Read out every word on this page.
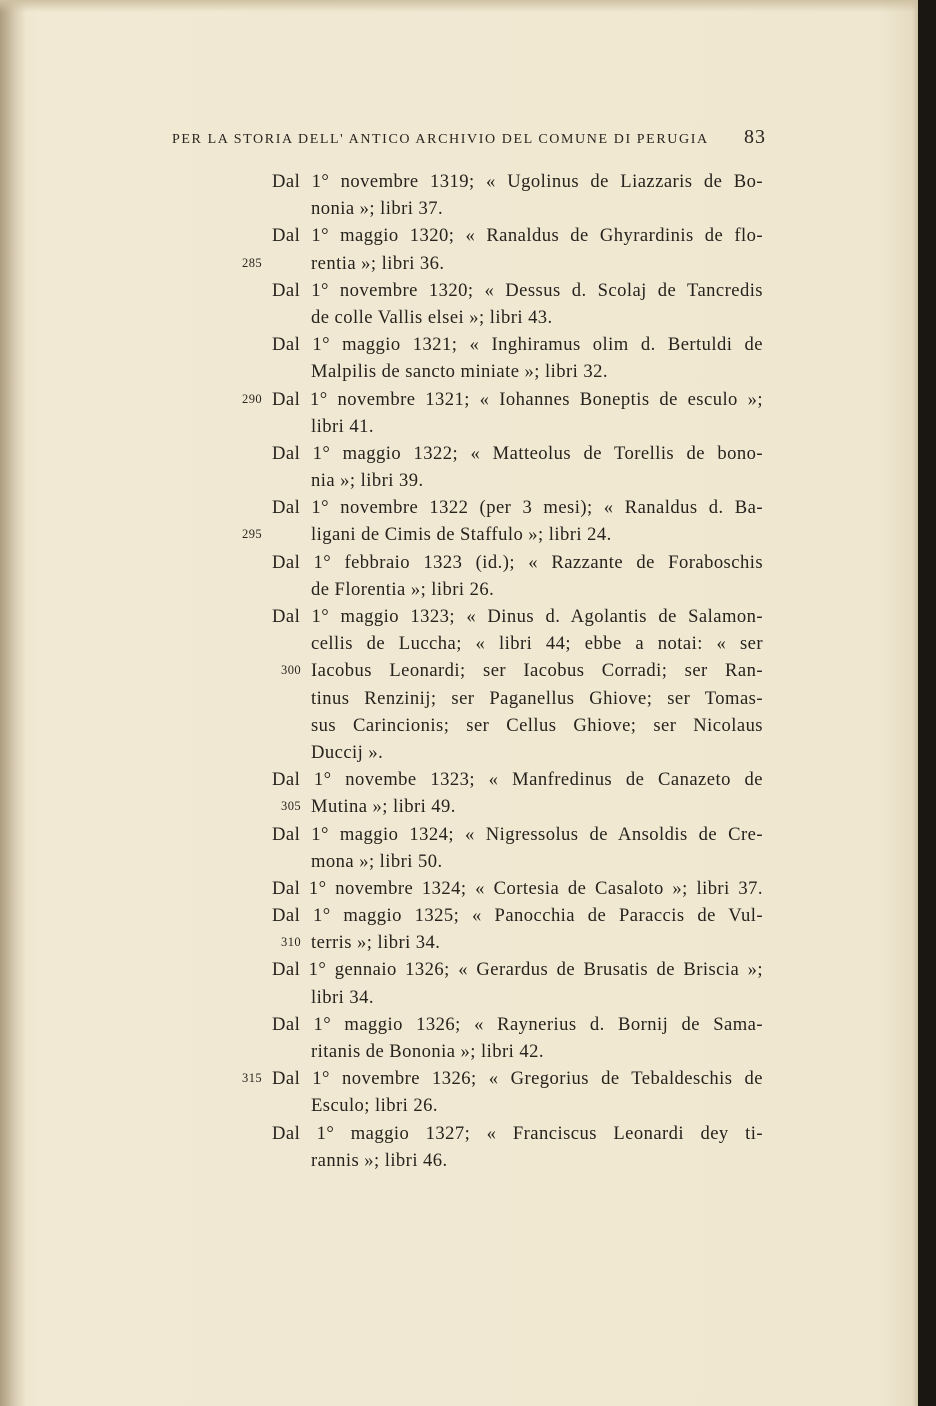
PER LA STORIA DELL' ANTICO ARCHIVIO DEL COMUNE DI PERUGIA 83
Dal 1° novembre 1319; « Ugolinus de Liazzaris de Bo-
nonia »; libri 37.
Dal 1° maggio 1320; « Ranaldus de Ghyrardinis de flo-
285	rentia »; libri 36.
Dal 1° novembre 1320; « Dessus d. Scolaj de Tancredis
de colle Vallis elsei »; libri 43.
Dal 1° maggio 1321; « Inghiramus olim d. Bertuldi de
Malpilis de sancto miniate »; libri 32.
290 Dal 1° novembre 1321; « Iohannes Boneptis de esculo »;
libri 41.
Dal 1° maggio 1322; « Matteolus de Torellis de bono-
nia »; libri 39.
Dal 1° novembre 1322 (per 3 mesi); « Ranaldus d. Ba-
295	ligani de Cimis de Staffulo »; libri 24.
Dal 1° febbraio 1323 (id.); « Razzante de Foraboschis
de Florentia »; libri 26.
Dal 1° maggio 1323; « Dinus d. Agolantis de Salamon-
cellis de Luccha; « libri 44; ebbe a notai: « ser
300 Iacobus Leonardi; ser Iacobus Corradi; ser Ran-
tinus Renzinij; ser Paganellus Ghiove; ser Tomas-
sus Carincionis; ser Cellus Ghiove; ser Nicolaus
Duccij ».
Dal 1° novembe 1323; « Manfredinus de Canazeto de
305 Mutina »; libri 49.
Dal 1° maggio 1324; « Nigressolus de Ansoldis de Cre-
mona »; libri 50.
Dal 1° novembre 1324; « Cortesia de Casaloto »; libri 37.
Dal 1° maggio 1325; « Panocchia de Paraccis de Vul-
310 terris »; libri 34.
Dal 1° gennaio 1326; « Gerardus de Brusatis de Briscia »;
libri 34.
Dal 1° maggio 1326; « Raynerius d. Bornij de Sama-
ritanis de Bononia »; libri 42.
315 Dal 1° novembre 1326; « Gregorius de Tebaldeschis de
Esculo; libri 26.
Dal 1° maggio 1327; « Franciscus Leonardi dey ti-
rannis »; libri 46.
